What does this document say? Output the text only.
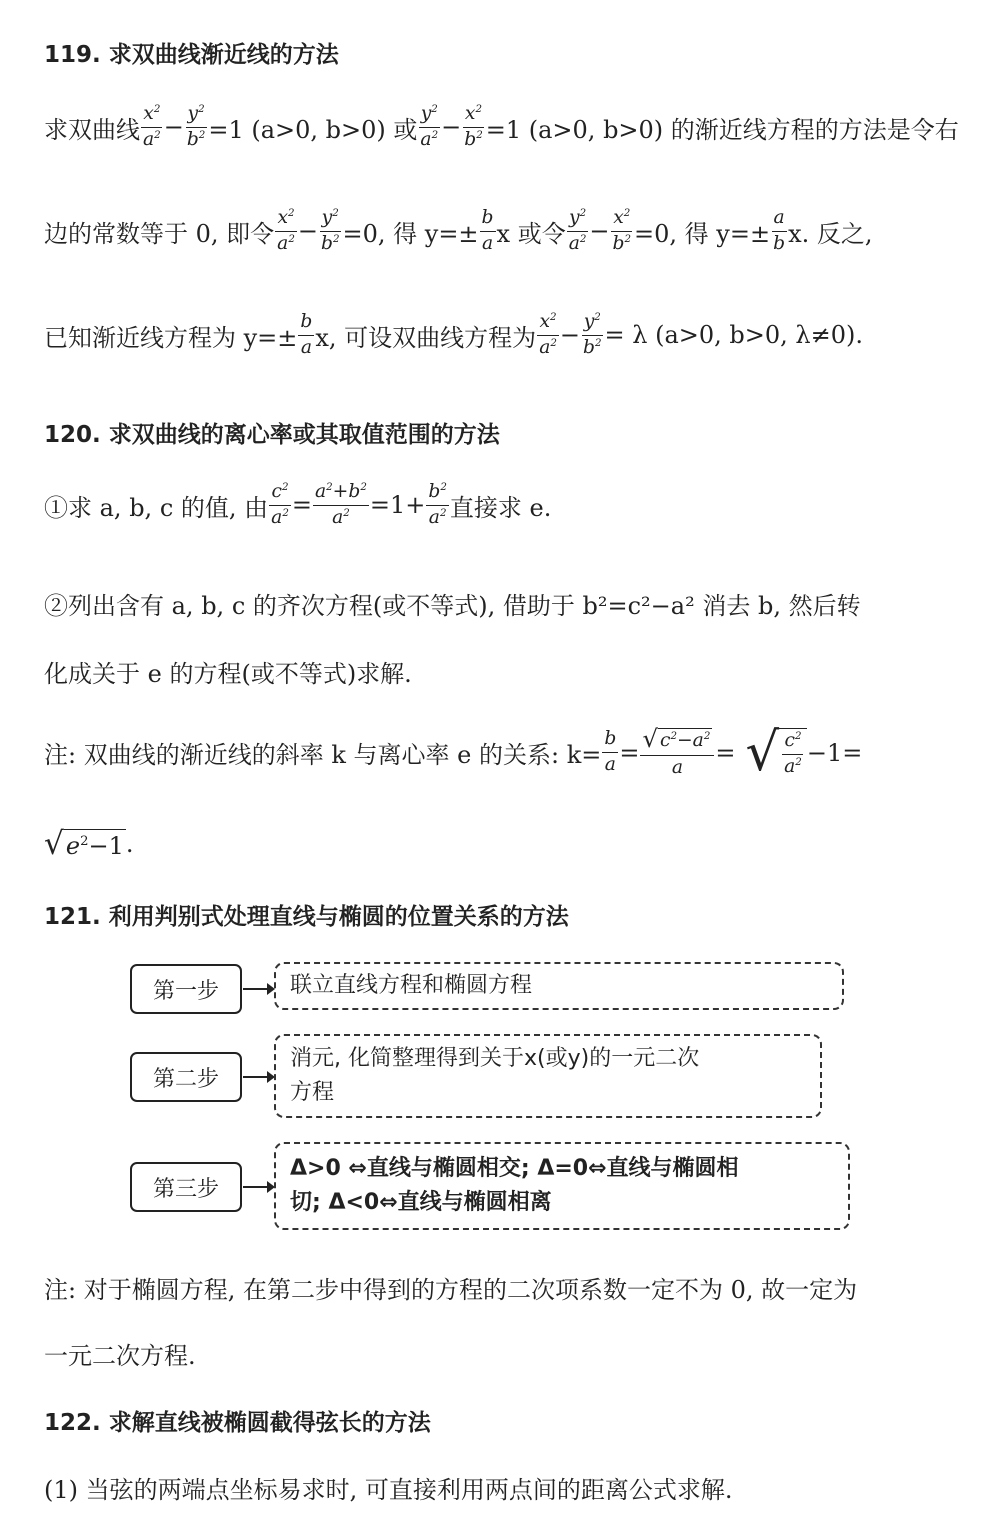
119. 求双曲线渐近线的方法
求双曲线 $\frac{x^2}{a^2} - \frac{y^2}{b^2} =1$ (a>0, b>0) 或 $\frac{y^2}{a^2} - \frac{x^2}{b^2} =1$ (a>0, b>0) 的渐近线方程的方法是令右
边的常数等于 0, 即令 $\frac{x^2}{a^2} - \frac{y^2}{b^2} =0$, 得 $y=\pm \frac{b}{a}$ x 或令 $\frac{y^2}{a^2} - \frac{x^2}{b^2} =0$, 得 $y=\pm \frac{a}{b} x$. 反之,
已知渐近线方程为 $y=\pm \frac{b}{a} x$, 可设双曲线方程为 $\frac{x^2}{a^2} - \frac{y^2}{b^2} = \lambda$ (a>0, b>0, λ≠0).
120. 求双曲线的离心率或其取值范围的方法
①求 a, b, c 的值, 由 $\frac{c^2}{a^2} = \frac{a^2+b^2}{a^2} =1+ \frac{b^2}{a^2}$ 直接求 e.
②列出含有 a, b, c 的齐次方程(或不等式), 借助于 b²=c²−a² 消去 b, 然后转
化成关于 e 的方程(或不等式)求解.
注: 双曲线的渐近线的斜率 k 与离心率 e 的关系: $k= \frac{b}{a} = \frac{√ c^2-a^2}{a}$ = √ $\frac{c^2}{a^2} -1=$
√ $e^2-1$ .
121. 利用判别式处理直线与椭圆的位置关系的方法
第一步	联立直线方程和椭圆方程
第二步
消元, 化简整理得到关于x(或y)的一元二次
方程
第三步
Δ>0 ⇔直线与椭圆相交; Δ=0⇔直线与椭圆相
切; Δ<0⇔直线与椭圆相离
注: 对于椭圆方程, 在第二步中得到的方程的二次项系数一定不为 0, 故一定为
一元二次方程.
122. 求解直线被椭圆截得弦长的方法
(1) 当弦的两端点坐标易求时, 可直接利用两点间的距离公式求解.
